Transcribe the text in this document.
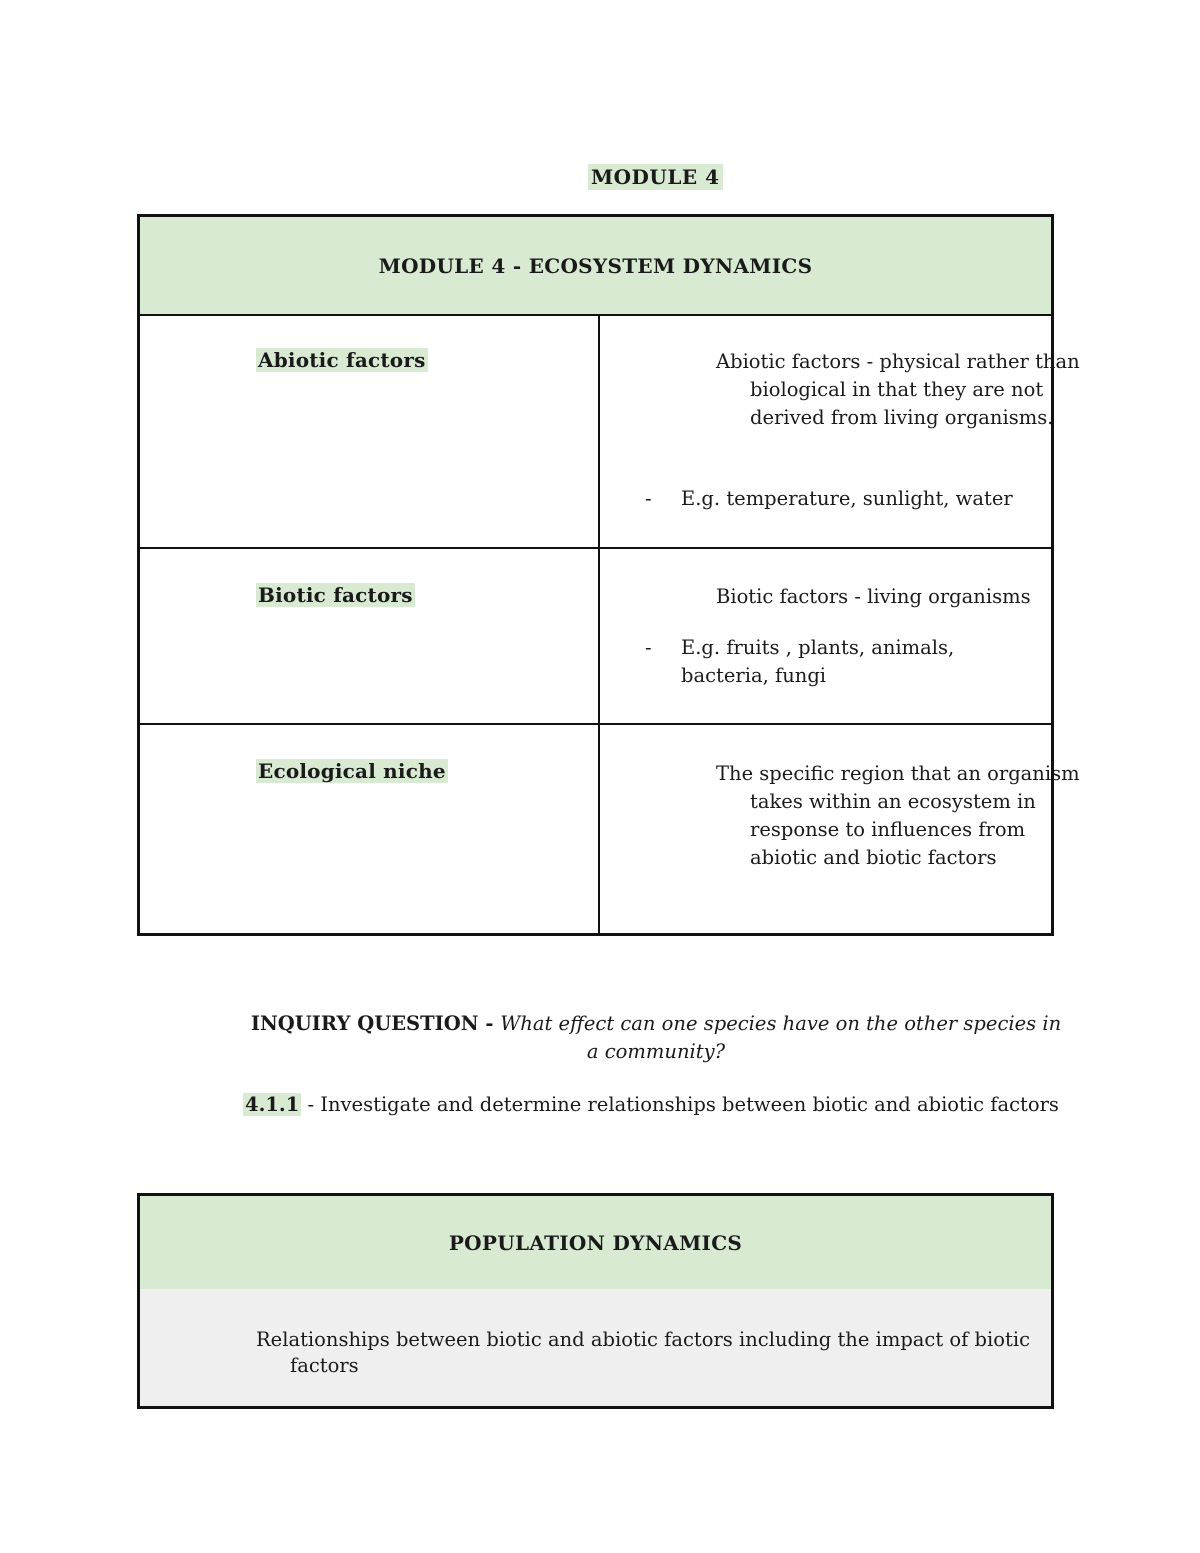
MODULE 4
MODULE 4 - ECOSYSTEM DYNAMICS
Abiotic factors	Abiotic factors - physical rather than biological in that they are not derived from living organisms.
- E.g. temperature, sunlight, water
Biotic factors	Biotic factors - living organisms
- E.g. fruits , plants, animals, bacteria, fungi
Ecological niche	The specific region that an organism takes within an ecosystem in response to influences from abiotic and biotic factors
INQUIRY QUESTION - What effect can one species have on the other species in a community?
4.1.1 - Investigate and determine relationships between biotic and abiotic factors
POPULATION DYNAMICS
Relationships between biotic and abiotic factors including the impact of biotic factors
